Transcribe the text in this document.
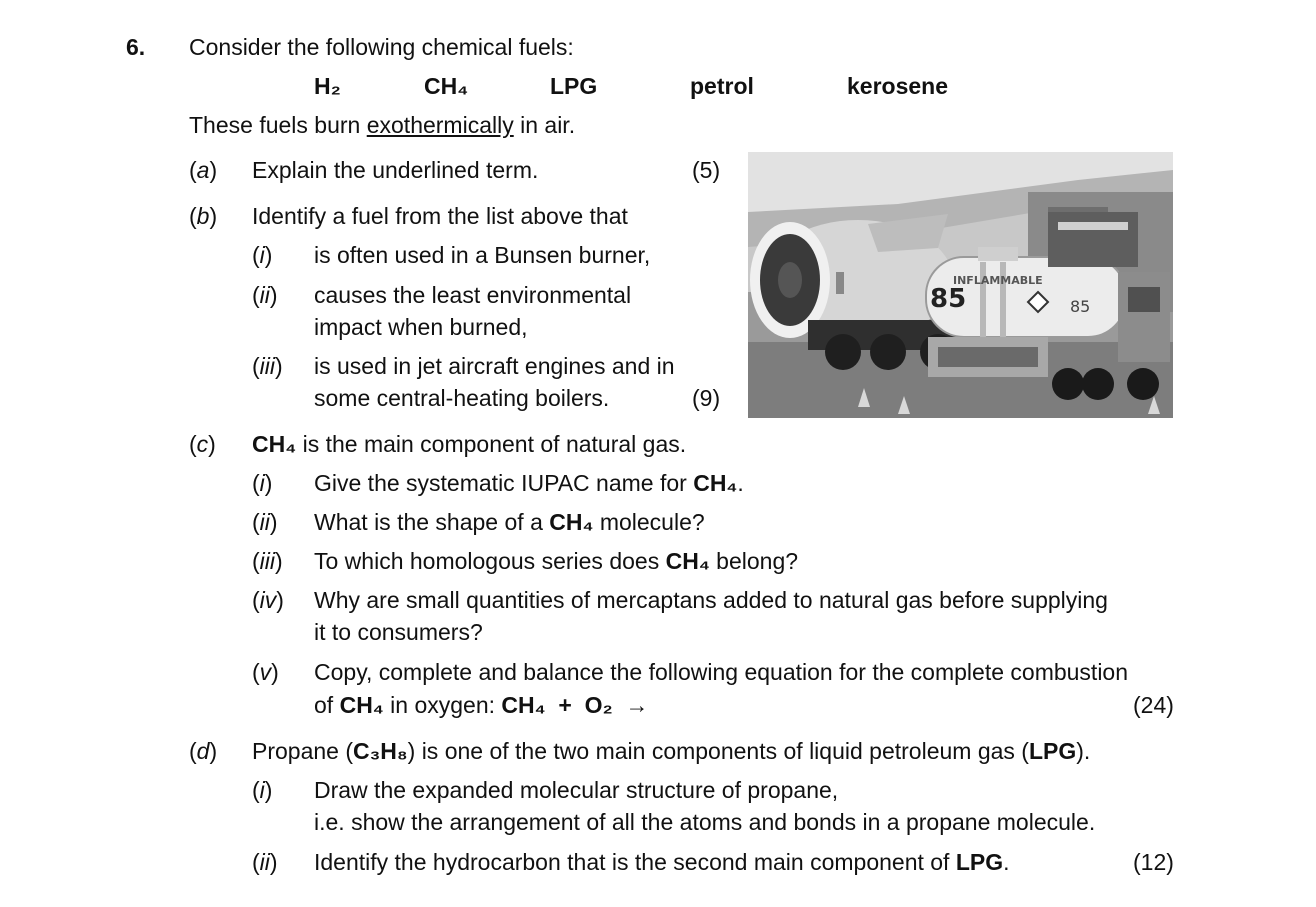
6. Consider the following chemical fuels:
H₂	CH₄	LPG	petrol	kerosene
These fuels burn exothermically in air.
(a) Explain the underlined term.	(5)
(b) Identify a fuel from the list above that
(i) is often used in a Bunsen burner,
(ii) causes the least environmental
impact when burned,
(iii) is used in jet aircraft engines and in
some central-heating boilers.	(9)
INFLAMMABLE
85	85
(c) CH₄ is the main component of natural gas.
(i) Give the systematic IUPAC name for CH₄.
(ii) What is the shape of a CH₄ molecule?
(iii) To which homologous series does CH₄ belong?
(iv) Why are small quantities of mercaptans added to natural gas before supplying
it to consumers?
(v) Copy, complete and balance the following equation for the complete combustion
of CH₄ in oxygen: CH₄  +  O₂  →	(24)
(d) Propane (C₃H₈) is one of the two main components of liquid petroleum gas (LPG).
(i) Draw the expanded molecular structure of propane,
i.e. show the arrangement of all the atoms and bonds in a propane molecule.
(ii) Identify the hydrocarbon that is the second main component of LPG.	(12)
